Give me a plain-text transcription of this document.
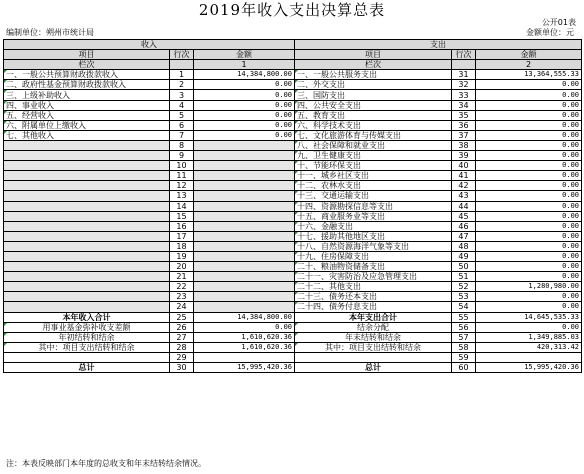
2019年收入支出决算总表
公开01表
编制单位：朔州市统计局	金额单位：元
收入			支出		
项目	行次	金额	项目	行次	金额
栏次		1	栏次		2
一、一般公共预算财政拨款收入	1	14,384,800.00	一、一般公共服务支出	31	13,364,555.33
二、政府性基金预算财政拨款收入	2	0.00	二、外交支出	32	0.00
三、上级补助收入	3	0.00	三、国防支出	33	0.00
四、事业收入	4	0.00	四、公共安全支出	34	0.00
五、经营收入	5	0.00	五、教育支出	35	0.00
六、附属单位上缴收入	6	0.00	六、科学技术支出	36	0.00
七、其他收入	7	0.00	七、文化旅游体育与传媒支出	37	0.00
	8		八、社会保障和就业支出	38	0.00
	9		九、卫生健康支出	39	0.00
	10		十、节能环保支出	40	0.00
	11		十一、城乡社区支出	41	0.00
	12		十二、农林水支出	42	0.00
	13		十三、交通运输支出	43	0.00
	14		十四、资源勘探信息等支出	44	0.00
	15		十五、商业服务业等支出	45	0.00
	16		十六、金融支出	46	0.00
	17		十七、援助其他地区支出	47	0.00
	18		十八、自然资源海洋气象等支出	48	0.00
	19		十九、住房保障支出	49	0.00
	20		二十、粮油物资储备支出	50	0.00
	21		二十一、灾害防治及应急管理支出	51	0.00
	22		二十二、其他支出	52	1,280,980.00
	23		二十三、债务还本支出	53	0.00
	24		二十四、债务付息支出	54	0.00
本年收入合计	25	14,384,800.00	本年支出合计	55	14,645,535.33
用事业基金弥补收支差额	26	0.00	结余分配	56	0.00
年初结转和结余	27	1,610,620.36	年末结转和结余	57	1,349,885.03
其中：项目支出结转和结余	28	1,610,620.36	其中：项目支出结转和结余	58	420,313.42
	29			59	
总计	30	15,995,420.36	总计	60	15,995,420.36
注：本表反映部门本年度的总收支和年末结转结余情况。
